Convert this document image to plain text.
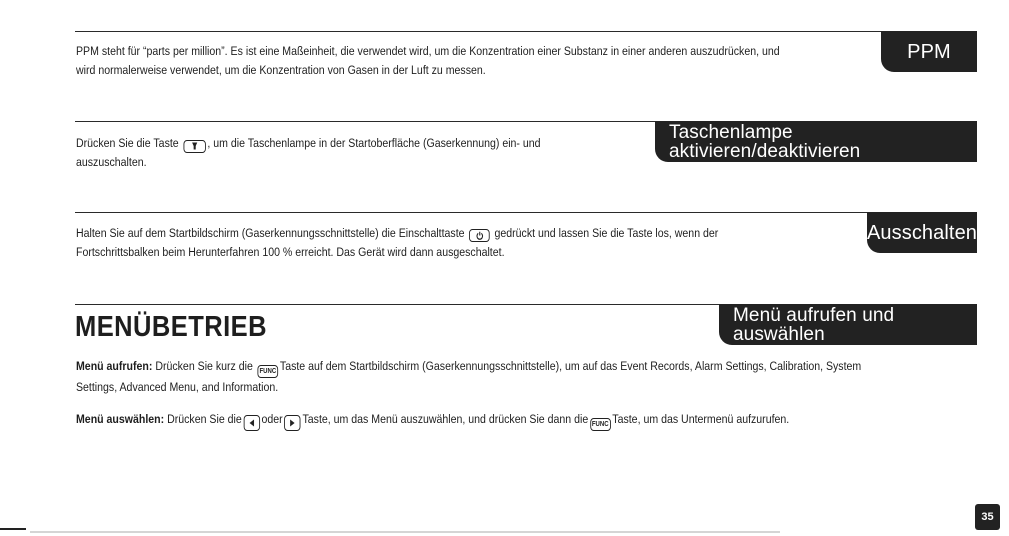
PPM
PPM steht für “parts per million”. Es ist eine Maßeinheit, die verwendet wird, um die Konzentration einer Substanz in einer anderen auszudrücken, und
wird normalerweise verwendet, um die Konzentration von Gasen in der Luft zu messen.
Taschenlampe aktivieren/deaktivieren
Drücken Sie die Taste , um die Taschenlampe in der Startoberfläche (Gaserkennung) ein- und
auszuschalten.
Ausschalten
Halten Sie auf dem Startbildschirm (Gaserkennungsschnittstelle) die Einschalttaste gedrückt und lassen Sie die Taste los, wenn der
Fortschrittsbalken beim Herunterfahren 100 % erreicht. Das Gerät wird dann ausgeschaltet.
MENÜBETRIEB	Menü aufrufen und auswählen
Menü aufrufen: Drücken Sie kurz die FUNC Taste auf dem Startbildschirm (Gaserkennungsschnittstelle), um auf das Event Records, Alarm Settings, Calibration, System
Settings, Advanced Menu, and Information.
Menü auswählen: Drücken Sie die oder Taste, um das Menü auszuwählen, und drücken Sie dann die FUNC Taste, um das Untermenü aufzurufen.
35
